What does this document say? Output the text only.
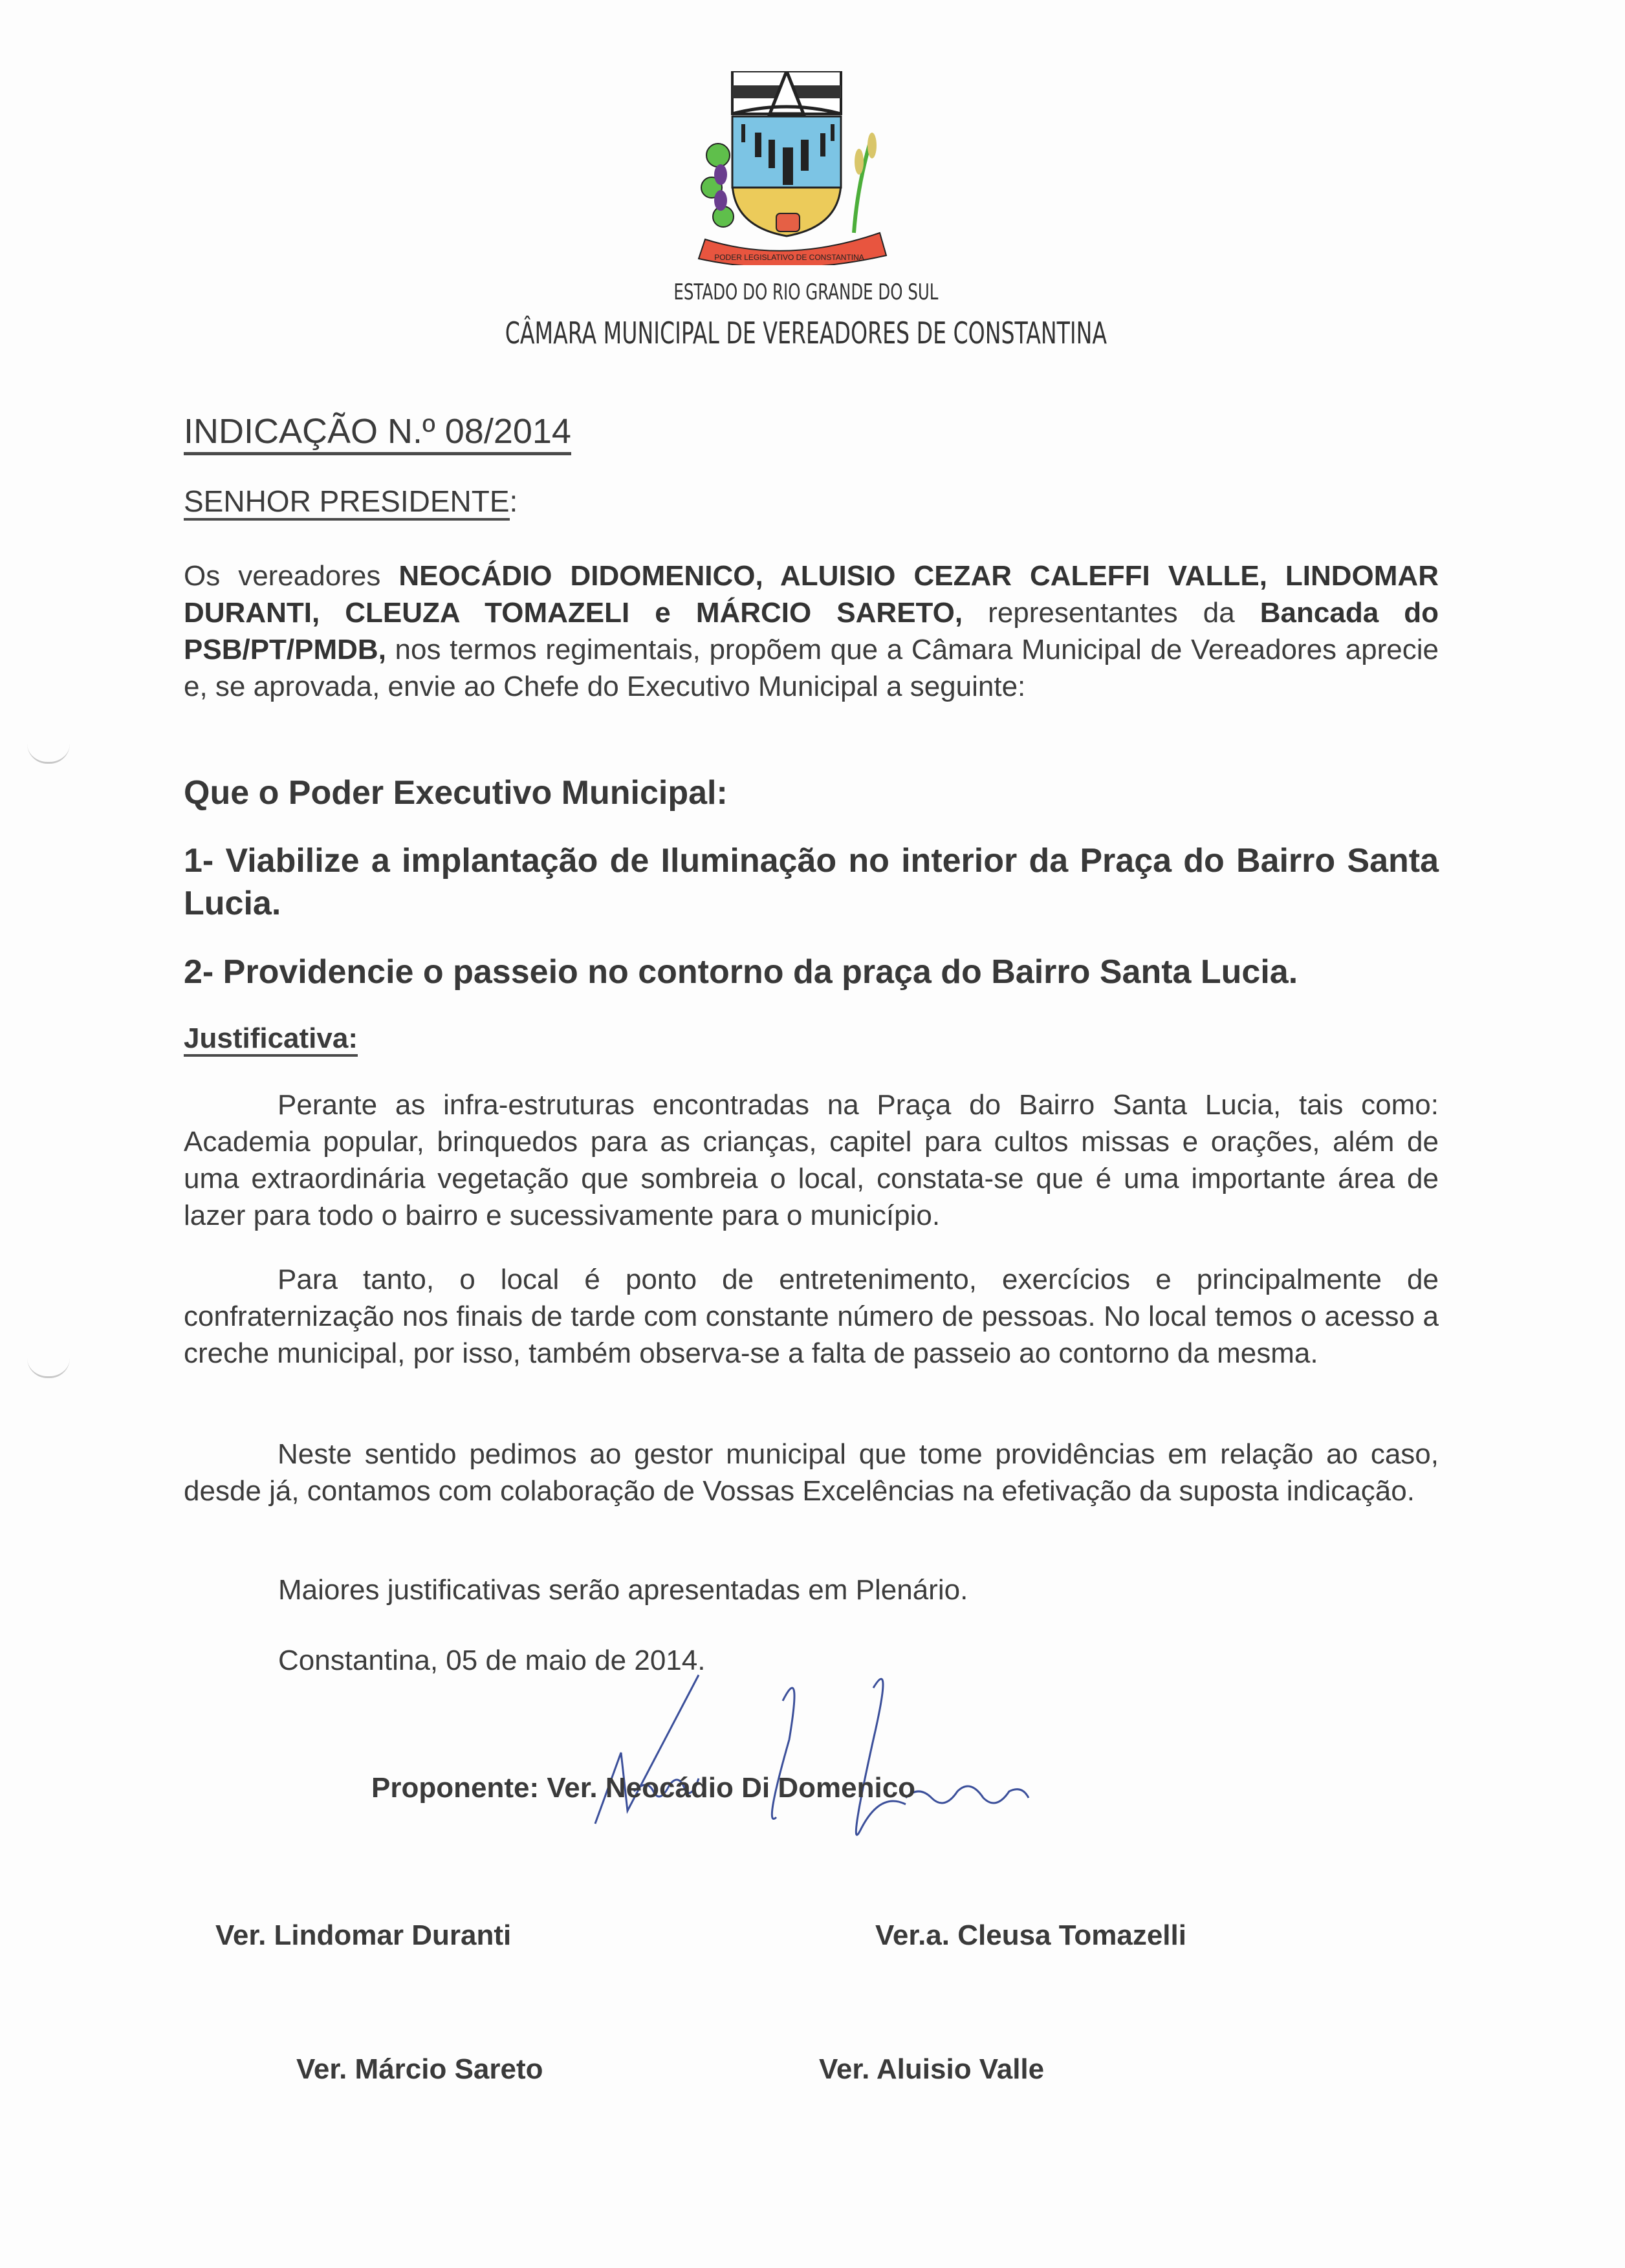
PODER LEGISLATIVO DE CONSTANTINA
ESTADO DO RIO GRANDE DO SUL
CÂMARA MUNICIPAL DE VEREADORES DE CONSTANTINA
INDICAÇÃO N.º 08/2014
SENHOR PRESIDENTE:
Os vereadores NEOCÁDIO DIDOMENICO, ALUISIO CEZAR CALEFFI VALLE, LINDOMAR DURANTI, CLEUZA TOMAZELI e MÁRCIO SARETO, representantes da Bancada do PSB/PT/PMDB, nos termos regimentais, propõem que a Câmara Municipal de Vereadores aprecie e, se aprovada, envie ao Chefe do Executivo Municipal a seguinte:
Que o Poder Executivo Municipal:
1- Viabilize a implantação de Iluminação no interior da Praça do Bairro Santa Lucia.
2- Providencie o passeio no contorno da praça do Bairro Santa Lucia.
Justificativa:
Perante as infra-estruturas encontradas na Praça do Bairro Santa Lucia, tais como: Academia popular, brinquedos para as crianças, capitel para cultos missas e orações, além de uma extraordinária vegetação que sombreia o local, constata-se que é uma importante área de lazer para todo o bairro e sucessivamente para o município.
Para tanto, o local é ponto de entretenimento, exercícios e principalmente de confraternização nos finais de tarde com constante número de pessoas. No local temos o acesso a creche municipal, por isso, também observa-se a falta de passeio ao contorno da mesma.
Neste sentido pedimos ao gestor municipal que tome providências em relação ao caso, desde já, contamos com colaboração de Vossas Excelências na efetivação da suposta indicação.
Maiores justificativas serão apresentadas em Plenário.
Constantina, 05 de maio de 2014.
Proponente: Ver. Neocádio Di Domenico
Ver. Lindomar Duranti	Ver.a. Cleusa Tomazelli
Ver. Márcio Sareto	Ver. Aluisio Valle
